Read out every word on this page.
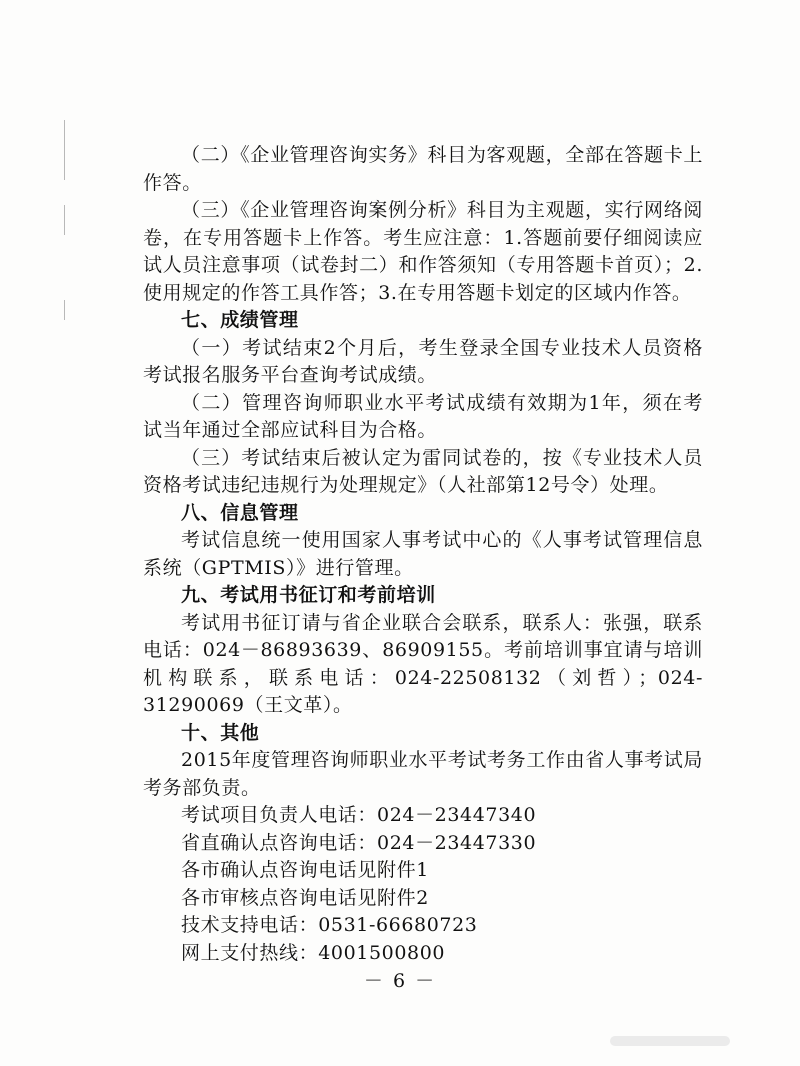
（二）《企业管理咨询实务》科目为客观题，全部在答题卡上作答。

（三）《企业管理咨询案例分析》科目为主观题，实行网络阅卷，在专用答题卡上作答。考生应注意：1.答题前要仔细阅读应试人员注意事项（试卷封二）和作答须知（专用答题卡首页）；2.使用规定的作答工具作答；3.在专用答题卡划定的区域内作答。

七、成绩管理

（一）考试结束2个月后，考生登录全国专业技术人员资格考试报名服务平台查询考试成绩。

（二）管理咨询师职业水平考试成绩有效期为1年，须在考试当年通过全部应试科目为合格。

（三）考试结束后被认定为雷同试卷的，按《专业技术人员资格考试违纪违规行为处理规定》（人社部第12号令）处理。

八、信息管理

考试信息统一使用国家人事考试中心的《人事考试管理信息系统（GPTMIS）》进行管理。

九、考试用书征订和考前培训

考试用书征订请与省企业联合会联系，联系人：张强，联系电话：024－86893639、86909155。考前培训事宜请与培训机构联系，联系电话：024-22508132（刘哲）；024-31290069（王文革）。

十、其他

2015年度管理咨询师职业水平考试考务工作由省人事考试局考务部负责。

考试项目负责人电话：024－23447340

省直确认点咨询电话：024－23447330

各市确认点咨询电话见附件1

各市审核点咨询电话见附件2

技术支持电话：0531-66680723

网上支付热线：4001500800

－ 6 －
